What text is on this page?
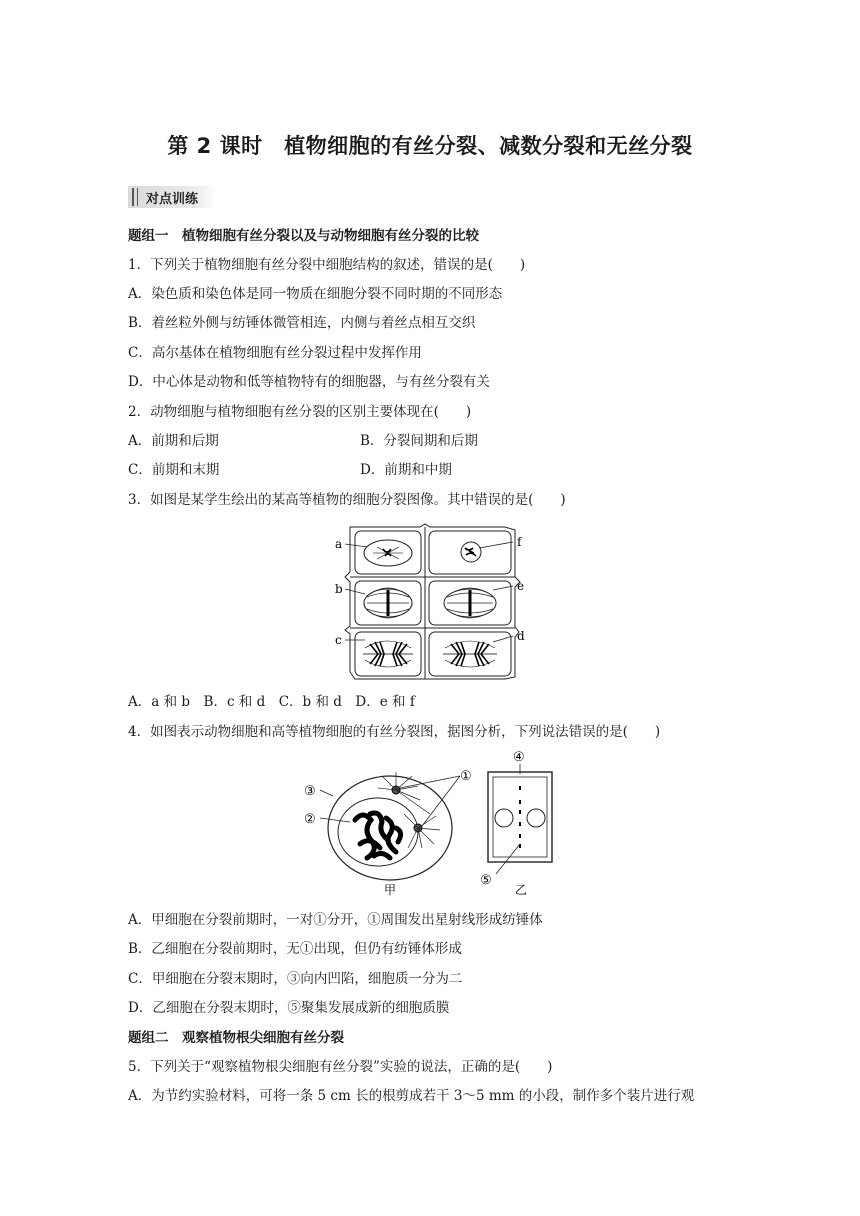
第 2 课时　植物细胞的有丝分裂、减数分裂和无丝分裂
对点训练
题组一　植物细胞有丝分裂以及与动物细胞有丝分裂的比较
1．下列关于植物细胞有丝分裂中细胞结构的叙述，错误的是(　　)
A．染色质和染色体是同一物质在细胞分裂不同时期的不同形态
B．着丝粒外侧与纺锤体微管相连，内侧与着丝点相互交织
C．高尔基体在植物细胞有丝分裂过程中发挥作用
D．中心体是动物和低等植物特有的细胞器，与有丝分裂有关
2．动物细胞与植物细胞有丝分裂的区别主要体现在(　　)
A．前期和后期	B．分裂间期和后期
C．前期和末期	D．前期和中期
3．如图是某学生绘出的某高等植物的细胞分裂图像。其中错误的是(　　)
a
b
c
f
e
d
A．a 和 b　B．c 和 d　C．b 和 d　D．e 和 f
4．如图表示动物细胞和高等植物细胞的有丝分裂图，据图分析，下列说法错误的是(　　)
③
②
①
④
⑤
甲	乙
A．甲细胞在分裂前期时，一对①分开，①周围发出星射线形成纺锤体
B．乙细胞在分裂前期时，无①出现，但仍有纺锤体形成
C．甲细胞在分裂末期时，③向内凹陷，细胞质一分为二
D．乙细胞在分裂末期时，⑤聚集发展成新的细胞质膜
题组二　观察植物根尖细胞有丝分裂
5．下列关于“观察植物根尖细胞有丝分裂”实验的说法，正确的是(　　)
A．为节约实验材料，可将一条 5 cm 长的根剪成若干 3～5 mm 的小段，制作多个装片进行观
